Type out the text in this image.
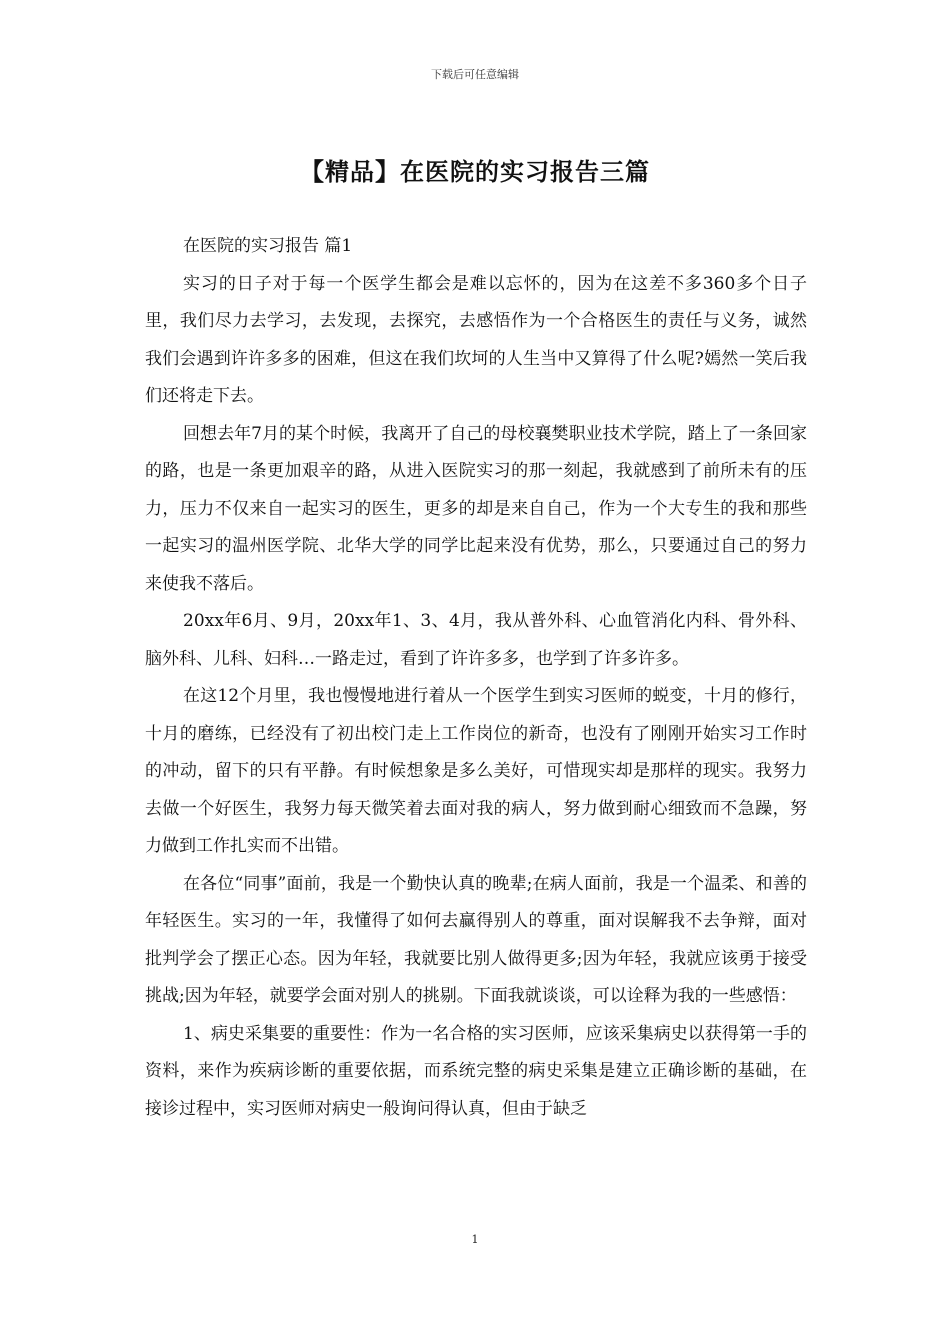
下载后可任意编辑
【精品】在医院的实习报告三篇

在医院的实习报告 篇1

实习的日子对于每一个医学生都会是难以忘怀的，因为在这差不多360多个日子里，我们尽力去学习，去发现，去探究，去感悟作为一个合格医生的责任与义务，诚然我们会遇到许许多多的困难，但这在我们坎坷的人生当中又算得了什么呢?嫣然一笑后我们还将走下去。

回想去年7月的某个时候，我离开了自己的母校襄樊职业技术学院，踏上了一条回家的路，也是一条更加艰辛的路，从进入医院实习的那一刻起，我就感到了前所未有的压力，压力不仅来自一起实习的医生，更多的却是来自自己，作为一个大专生的我和那些一起实习的温州医学院、北华大学的同学比起来没有优势，那么，只要通过自己的努力来使我不落后。

20xx年6月、9月，20xx年1、3、4月，我从普外科、心血管消化内科、骨外科、脑外科、儿科、妇科…一路走过，看到了许许多多，也学到了许多许多。

在这12个月里，我也慢慢地进行着从一个医学生到实习医师的蜕变，十月的修行，十月的磨练，已经没有了初出校门走上工作岗位的新奇，也没有了刚刚开始实习工作时的冲动，留下的只有平静。有时候想象是多么美好，可惜现实却是那样的现实。我努力去做一个好医生，我努力每天微笑着去面对我的病人，努力做到耐心细致而不急躁，努力做到工作扎实而不出错。

在各位“同事”面前，我是一个勤快认真的晚辈;在病人面前，我是一个温柔、和善的年轻医生。实习的一年，我懂得了如何去赢得别人的尊重，面对误解我不去争辩，面对批判学会了摆正心态。因为年轻，我就要比别人做得更多;因为年轻，我就应该勇于接受挑战;因为年轻，就要学会面对别人的挑剔。下面我就谈谈，可以诠释为我的一些感悟：

1、病史采集要的重要性：作为一名合格的实习医师，应该采集病史以获得第一手的资料，来作为疾病诊断的重要依据，而系统完整的病史采集是建立正确诊断的基础，在接诊过程中，实习医师对病史一般询问得认真，但由于缺乏

1
